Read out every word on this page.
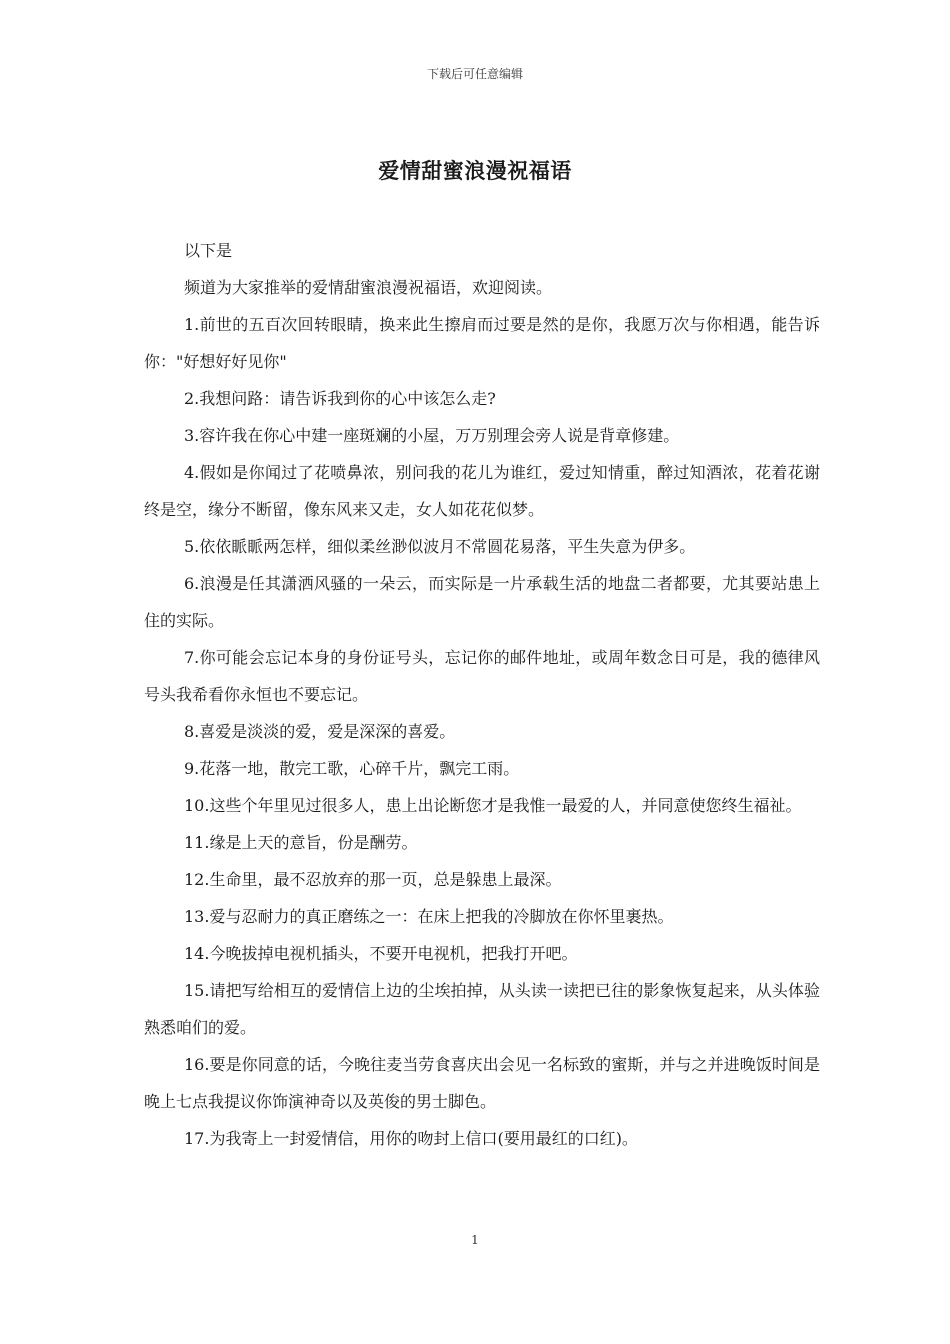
下载后可任意编辑
爱情甜蜜浪漫祝福语

以下是

频道为大家推举的爱情甜蜜浪漫祝福语，欢迎阅读。

1.前世的五百次回转眼睛，换来此生擦肩而过要是然的是你，我愿万次与你相遇，能告诉你："好想好好见你"

2.我想问路：请告诉我到你的心中该怎么走?

3.容许我在你心中建一座斑斓的小屋，万万别理会旁人说是背章修建。

4.假如是你闻过了花喷鼻浓，别问我的花儿为谁红，爱过知情重，醉过知酒浓，花着花谢终是空，缘分不断留，像东风来又走，女人如花花似梦。

5.依依眽眽两怎样，细似柔丝渺似波月不常圆花易落，平生失意为伊多。

6.浪漫是任其潇洒风骚的一朵云，而实际是一片承载生活的地盘二者都要，尤其要站患上住的实际。

7.你可能会忘记本身的身份证号头，忘记你的邮件地址，或周年数念日可是，我的德律风号头我希看你永恒也不要忘记。

8.喜爱是淡淡的爱，爱是深深的喜爱。

9.花落一地，散完工歌，心碎千片，飘完工雨。

10.这些个年里见过很多人，患上出论断您才是我惟一最爱的人，并同意使您终生福祉。

11.缘是上天的意旨，份是酬劳。

12.生命里，最不忍放弃的那一页，总是躲患上最深。

13.爱与忍耐力的真正磨练之一：在床上把我的冷脚放在你怀里裹热。

14.今晚拔掉电视机插头，不要开电视机，把我打开吧。

15.请把写给相互的爱情信上边的尘埃拍掉，从头读一读把已往的影象恢复起来，从头体验熟悉咱们的爱。

16.要是你同意的话，今晚往麦当劳食喜庆出会见一名标致的蜜斯，并与之并进晚饭时间是晚上七点我提议你饰演神奇以及英俊的男士脚色。

17.为我寄上一封爱情信，用你的吻封上信口(要用最红的口红)。

1
